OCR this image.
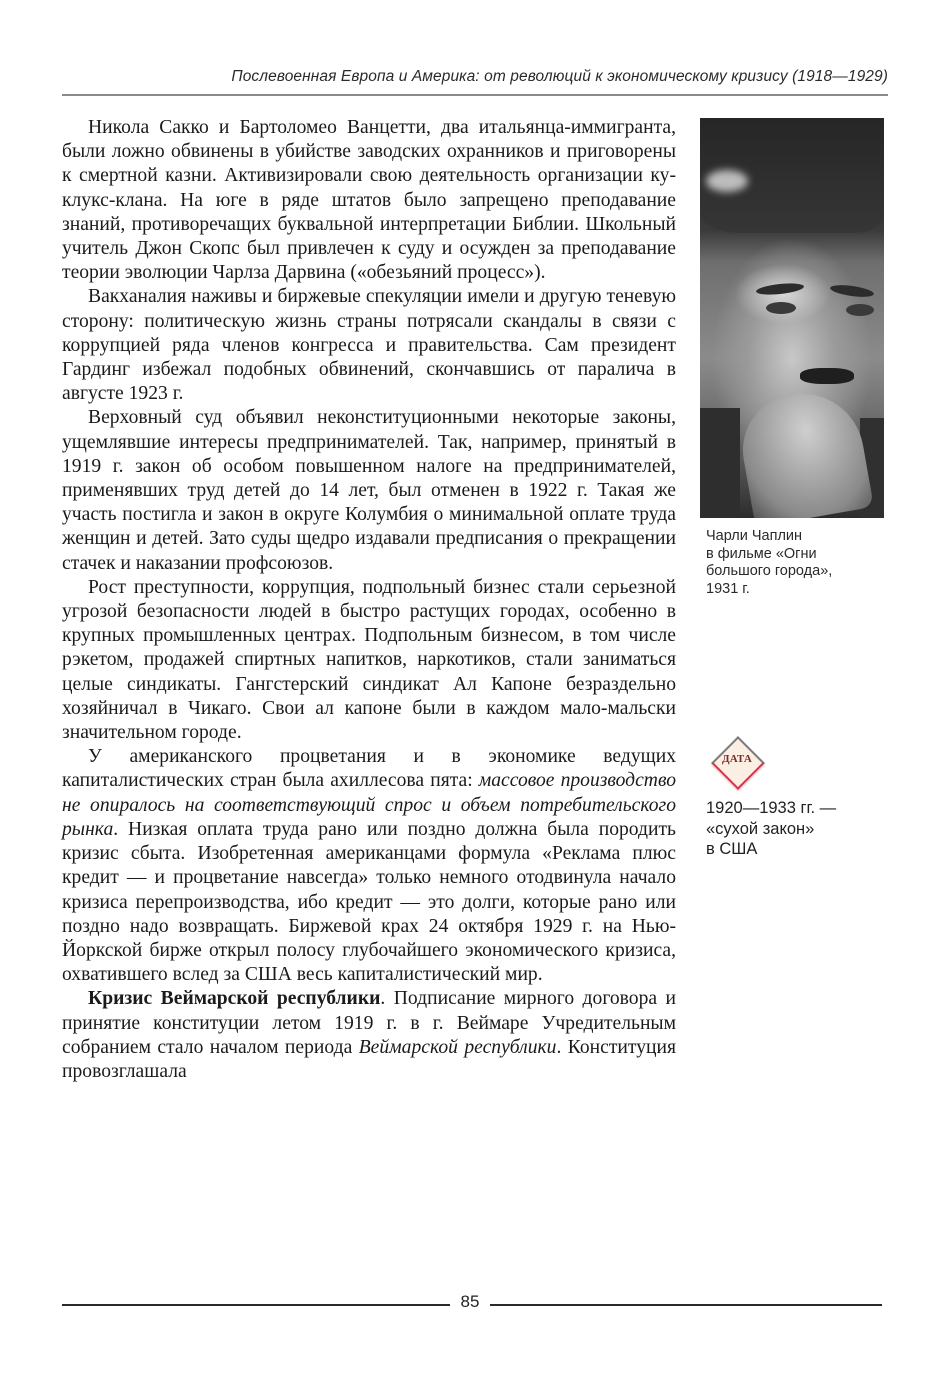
Послевоенная Европа и Америка: от революций к экономическому кризису (1918—1929)

Никола Сакко и Бартоломео Ванцетти, два итальянца-иммигранта, были ложно обвинены в убийстве заводских охранников и приговорены к смертной казни. Активизировали свою деятельность организации ку-клукс-клана. На юге в ряде штатов было запрещено преподавание знаний, противоречащих буквальной интерпретации Библии. Школьный учитель Джон Скопс был привлечен к суду и осужден за преподавание теории эволюции Чарлза Дарвина («обезьяний процесс»).

Вакханалия наживы и биржевые спекуляции имели и другую теневую сторону: политическую жизнь страны потрясали скандалы в связи с коррупцией ряда членов конгресса и правительства. Сам президент Гардинг избежал подобных обвинений, скончавшись от паралича в августе 1923 г.

Верховный суд объявил неконституционными некоторые законы, ущемлявшие интересы предпринимателей. Так, например, принятый в 1919 г. закон об особом повышенном налоге на предпринимателей, применявших труд детей до 14 лет, был отменен в 1922 г. Такая же участь постигла и закон в округе Колумбия о минимальной оплате труда женщин и детей. Зато суды щедро издавали предписания о прекращении стачек и наказании профсоюзов.

Рост преступности, коррупция, подпольный бизнес стали серьезной угрозой безопасности людей в быстро растущих городах, особенно в крупных промышленных центрах. Подпольным бизнесом, в том числе рэкетом, продажей спиртных напитков, наркотиков, стали заниматься целые синдикаты. Гангстерский синдикат Ал Капоне безраздельно хозяйничал в Чикаго. Свои ал капоне были в каждом мало-мальски значительном городе.

У американского процветания и в экономике ведущих капиталистических стран была ахиллесова пята: массовое производство не опиралось на соответствующий спрос и объем потребительского рынка. Низкая оплата труда рано или поздно должна была породить кризис сбыта. Изобретенная американцами формула «Реклама плюс кредит — и процветание навсегда» только немного отодвинула начало кризиса перепроизводства, ибо кредит — это долги, которые рано или поздно надо возвращать. Биржевой крах 24 октября 1929 г. на Нью-Йоркской бирже открыл полосу глубочайшего экономического кризиса, охватившего вслед за США весь капиталистический мир.

Кризис Веймарской республики. Подписание мирного договора и принятие конституции летом 1919 г. в г. Веймаре Учредительным собранием стало началом периода Веймарской республики. Конституция провозглашала

Чарли Чаплин
в фильме «Огни
большого города»,
1931 г.
ДАТА
1920—1933 гг. —
«сухой закон»
в США
85
